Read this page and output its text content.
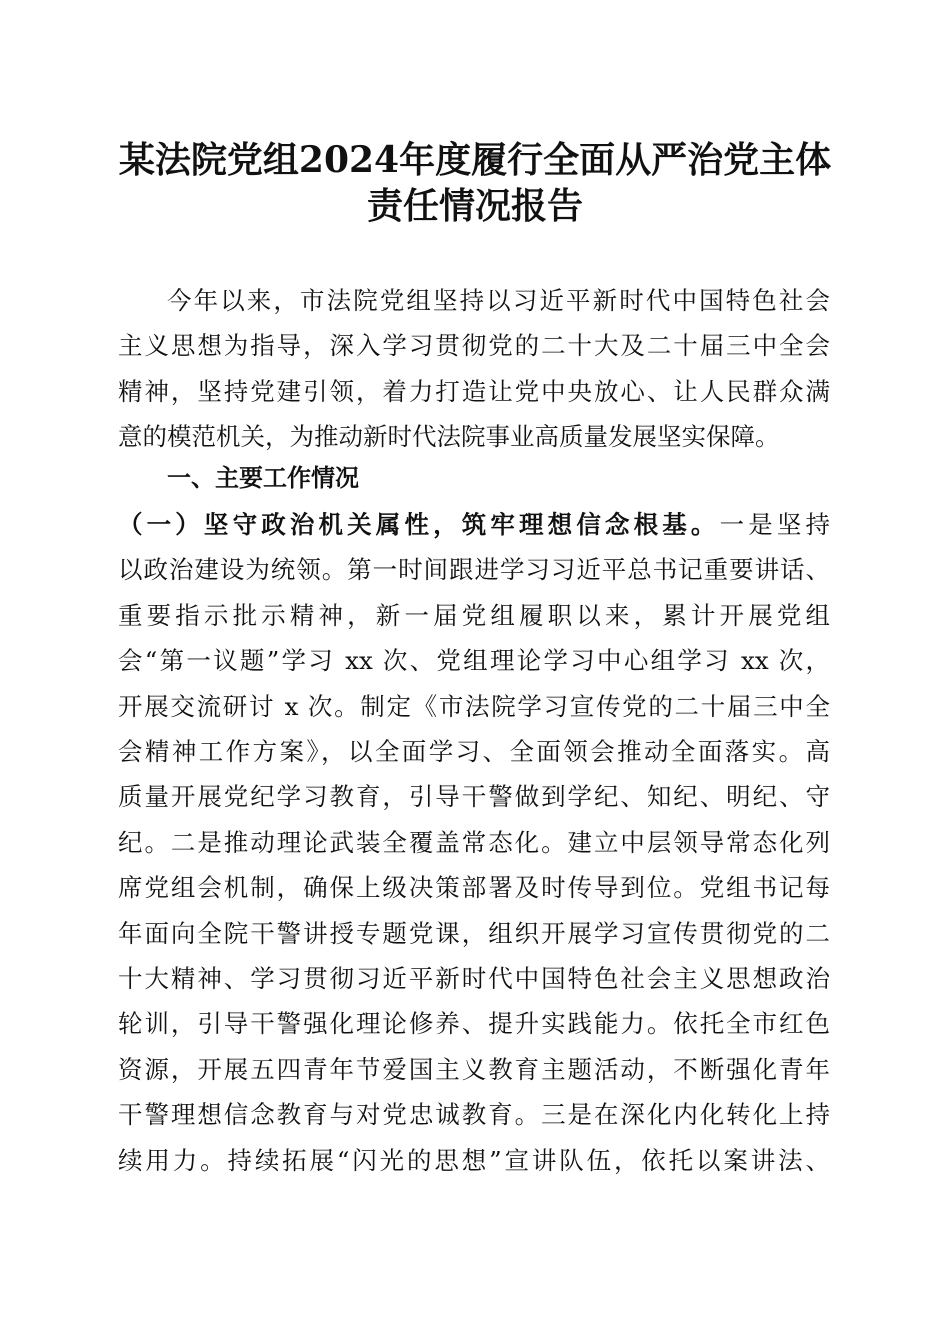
某法院党组2024年度履行全面从严治党主体
责任情况报告
今年以来，市法院党组坚持以习近平新时代中国特色社会
主义思想为指导，深入学习贯彻党的二十大及二十届三中全会
精神，坚持党建引领，着力打造让党中央放心、让人民群众满
意的模范机关，为推动新时代法院事业高质量发展坚实保障。
一、主要工作情况
（一）坚守政治机关属性，筑牢理想信念根基。一是坚持
以政治建设为统领。第一时间跟进学习习近平总书记重要讲话、
重要指示批示精神，新一届党组履职以来，累计开展党组
会“第一议题”学习 xx 次、党组理论学习中心组学习 xx 次，
开展交流研讨 x 次。制定《市法院学习宣传党的二十届三中全
会精神工作方案》，以全面学习、全面领会推动全面落实。高
质量开展党纪学习教育，引导干警做到学纪、知纪、明纪、守
纪。二是推动理论武装全覆盖常态化。建立中层领导常态化列
席党组会机制，确保上级决策部署及时传导到位。党组书记每
年面向全院干警讲授专题党课，组织开展学习宣传贯彻党的二
十大精神、学习贯彻习近平新时代中国特色社会主义思想政治
轮训，引导干警强化理论修养、提升实践能力。依托全市红色
资源，开展五四青年节爱国主义教育主题活动，不断强化青年
干警理想信念教育与对党忠诚教育。三是在深化内化转化上持
续用力。持续拓展“闪光的思想”宣讲队伍，依托以案讲法、
